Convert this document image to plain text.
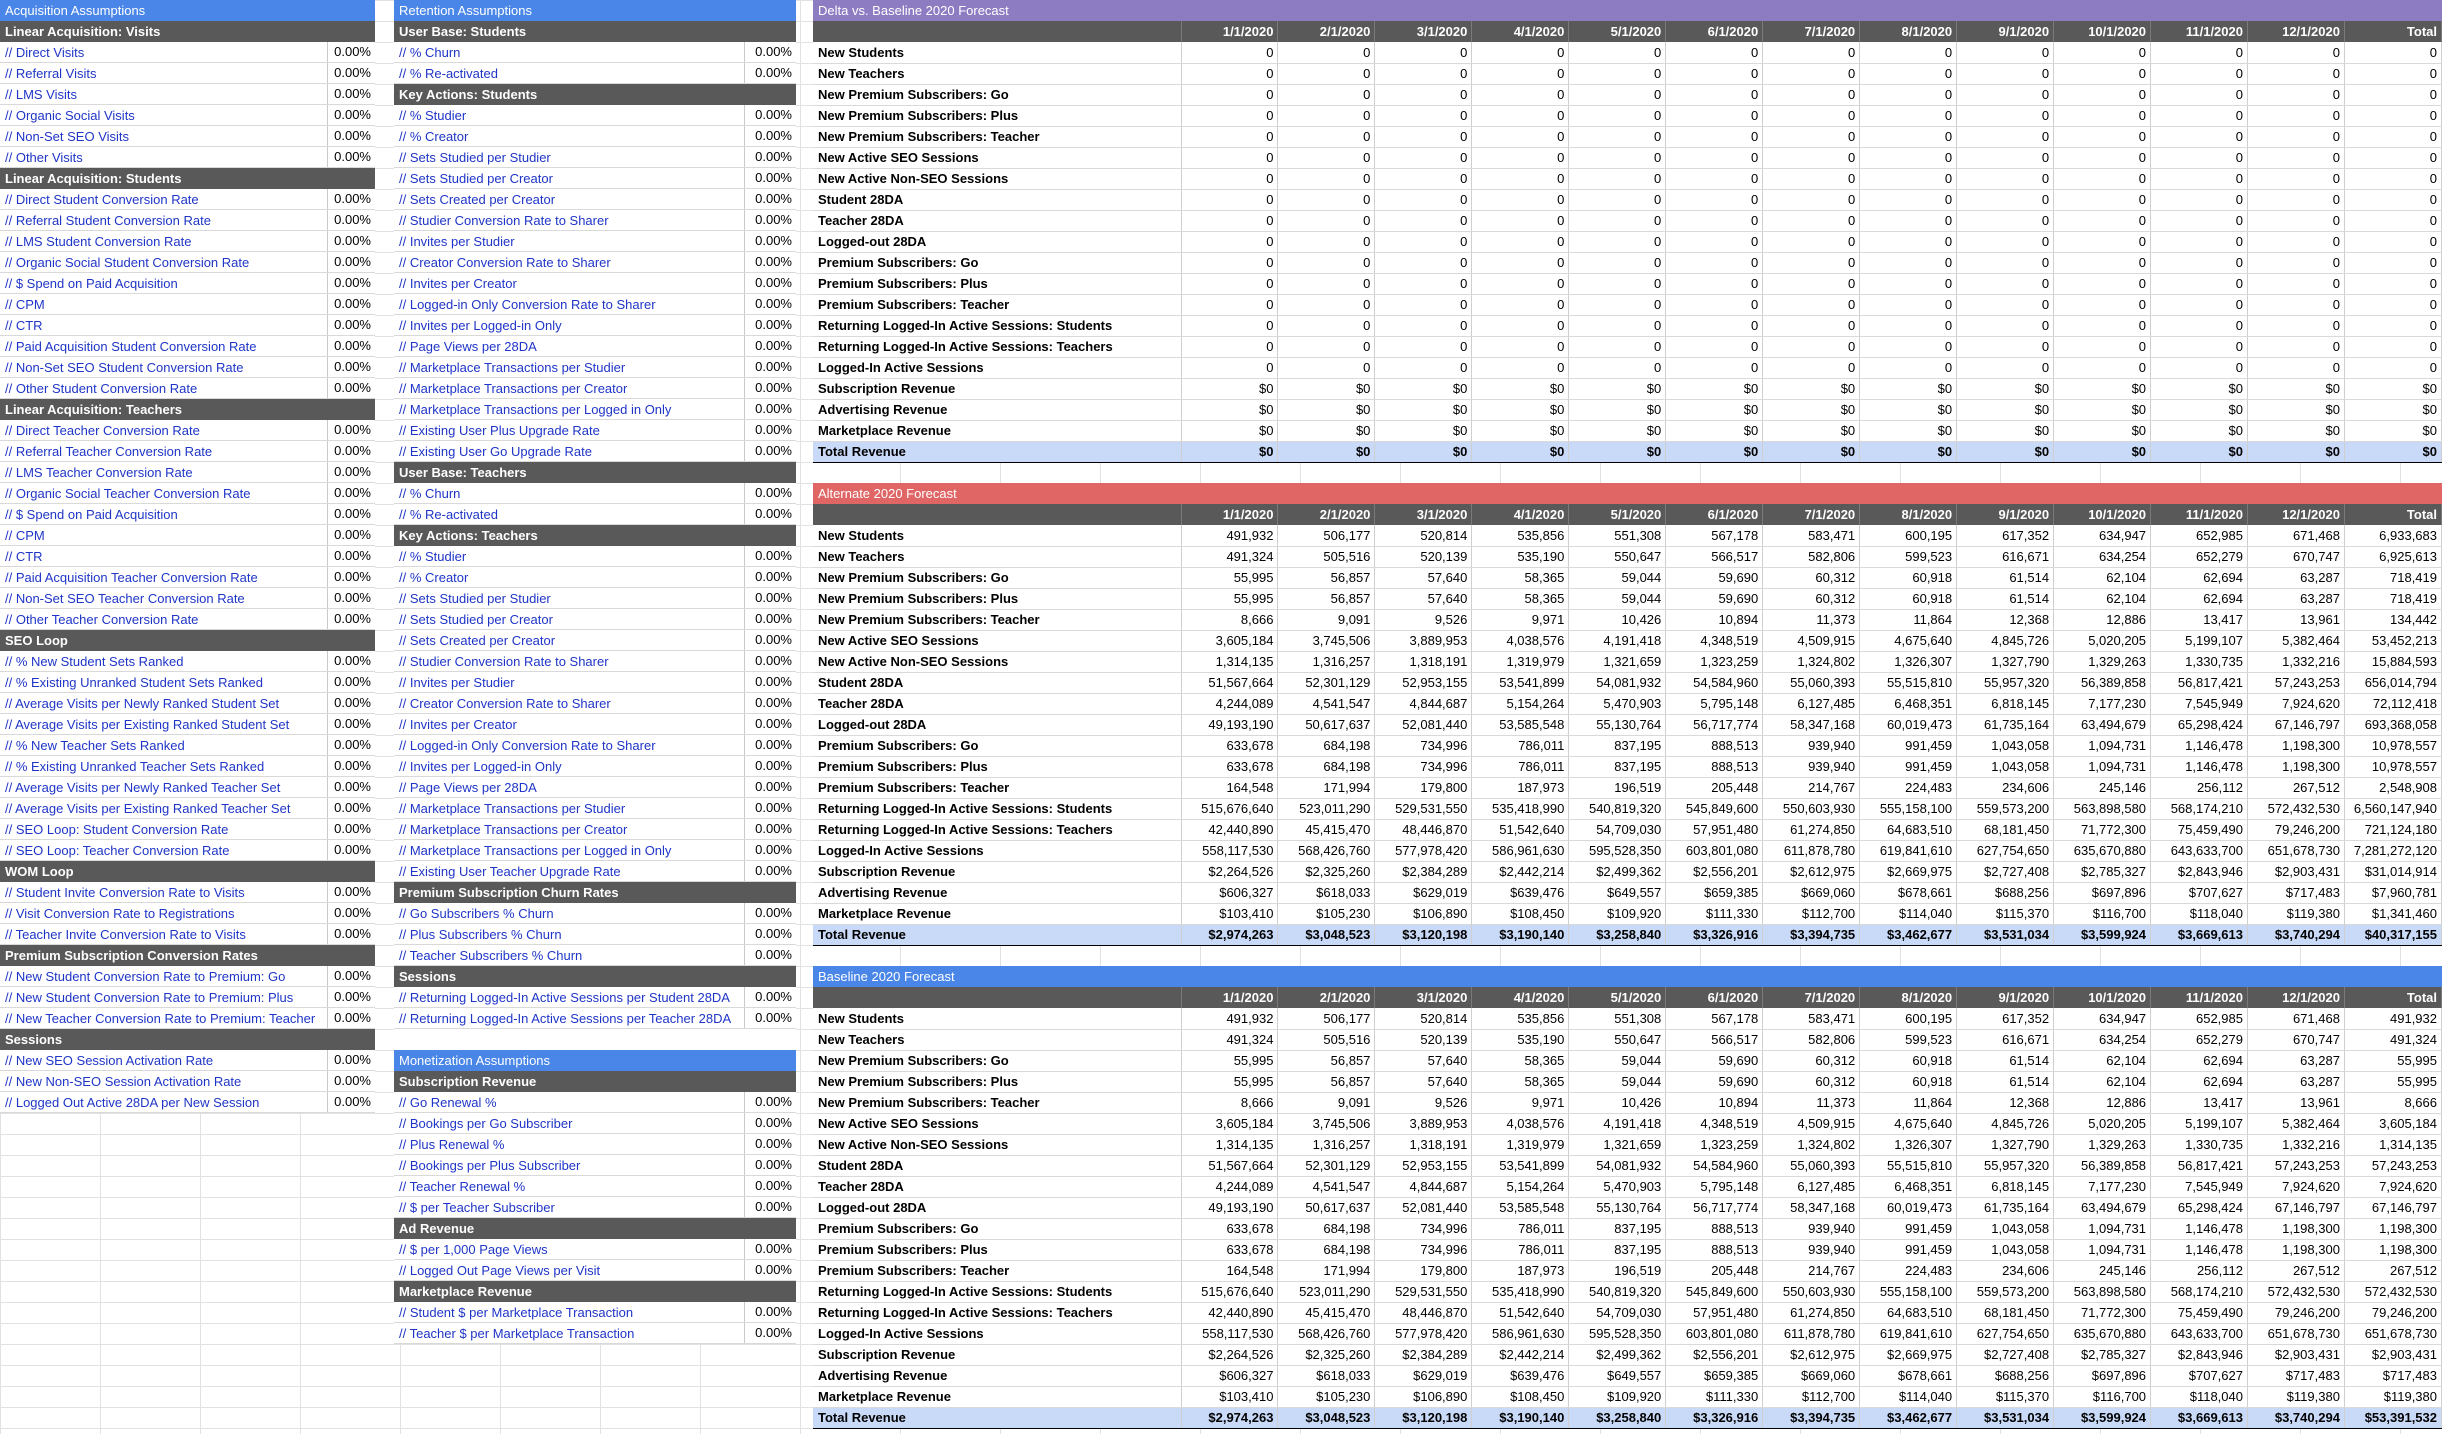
Acquisition Assumptions
Linear Acquisition: Visits
// Direct Visits	0.00%
// Referral Visits	0.00%
// LMS Visits	0.00%
// Organic Social Visits	0.00%
// Non-Set SEO Visits	0.00%
// Other Visits	0.00%
Linear Acquisition: Students
// Direct Student Conversion Rate	0.00%
// Referral Student Conversion Rate	0.00%
// LMS Student Conversion Rate	0.00%
// Organic Social Student Conversion Rate	0.00%
// $ Spend on Paid Acquisition	0.00%
// CPM	0.00%
// CTR	0.00%
// Paid Acquisition Student Conversion Rate	0.00%
// Non-Set SEO Student Conversion Rate	0.00%
// Other Student Conversion Rate	0.00%
Linear Acquisition: Teachers
// Direct Teacher Conversion Rate	0.00%
// Referral Teacher Conversion Rate	0.00%
// LMS Teacher Conversion Rate	0.00%
// Organic Social Teacher Conversion Rate	0.00%
// $ Spend on Paid Acquisition	0.00%
// CPM	0.00%
// CTR	0.00%
// Paid Acquisition Teacher Conversion Rate	0.00%
// Non-Set SEO Teacher Conversion Rate	0.00%
// Other Teacher Conversion Rate	0.00%
SEO Loop
// % New Student Sets Ranked	0.00%
// % Existing Unranked Student Sets Ranked	0.00%
// Average Visits per Newly Ranked Student Set	0.00%
// Average Visits per Existing Ranked Student Set	0.00%
// % New Teacher Sets Ranked	0.00%
// % Existing Unranked Teacher Sets Ranked	0.00%
// Average Visits per Newly Ranked Teacher Set	0.00%
// Average Visits per Existing Ranked Teacher Set	0.00%
// SEO Loop: Student Conversion Rate	0.00%
// SEO Loop: Teacher Conversion Rate	0.00%
WOM Loop
// Student Invite Conversion Rate to Visits	0.00%
// Visit Conversion Rate to Registrations	0.00%
// Teacher Invite Conversion Rate to Visits	0.00%
Premium Subscription Conversion Rates
// New Student Conversion Rate to Premium: Go	0.00%
// New Student Conversion Rate to Premium: Plus	0.00%
// New Teacher Conversion Rate to Premium: Teacher	0.00%
Sessions
// New SEO Session Activation Rate	0.00%
// New Non-SEO Session Activation Rate	0.00%
// Logged Out Active 28DA per New Session	0.00%
Retention Assumptions
User Base: Students
// % Churn	0.00%
// % Re-activated	0.00%
Key Actions: Students
// % Studier	0.00%
// % Creator	0.00%
// Sets Studied per Studier	0.00%
// Sets Studied per Creator	0.00%
// Sets Created per Creator	0.00%
// Studier Conversion Rate to Sharer	0.00%
// Invites per Studier	0.00%
// Creator Conversion Rate to Sharer	0.00%
// Invites per Creator	0.00%
// Logged-in Only Conversion Rate to Sharer	0.00%
// Invites per Logged-in Only	0.00%
// Page Views per 28DA	0.00%
// Marketplace Transactions per Studier	0.00%
// Marketplace Transactions per Creator	0.00%
// Marketplace Transactions per Logged in Only	0.00%
// Existing User Plus Upgrade Rate	0.00%
// Existing User Go Upgrade Rate	0.00%
User Base: Teachers
// % Churn	0.00%
// % Re-activated	0.00%
Key Actions: Teachers
// % Studier	0.00%
// % Creator	0.00%
// Sets Studied per Studier	0.00%
// Sets Studied per Creator	0.00%
// Sets Created per Creator	0.00%
// Studier Conversion Rate to Sharer	0.00%
// Invites per Studier	0.00%
// Creator Conversion Rate to Sharer	0.00%
// Invites per Creator	0.00%
// Logged-in Only Conversion Rate to Sharer	0.00%
// Invites per Logged-in Only	0.00%
// Page Views per 28DA	0.00%
// Marketplace Transactions per Studier	0.00%
// Marketplace Transactions per Creator	0.00%
// Marketplace Transactions per Logged in Only	0.00%
// Existing User Teacher Upgrade Rate	0.00%
Premium Subscription Churn Rates
// Go Subscribers % Churn	0.00%
// Plus Subscribers % Churn	0.00%
// Teacher Subscribers % Churn	0.00%
Sessions
// Returning Logged-In Active Sessions per Student 28DA	0.00%
// Returning Logged-In Active Sessions per Teacher 28DA	0.00%
Monetization Assumptions
Subscription Revenue
// Go Renewal %	0.00%
// Bookings per Go Subscriber	0.00%
// Plus Renewal %	0.00%
// Bookings per Plus Subscriber	0.00%
// Teacher Renewal %	0.00%
// $ per Teacher Subscriber	0.00%
Ad Revenue
// $ per 1,000 Page Views	0.00%
// Logged Out Page Views per Visit	0.00%
Marketplace Revenue
// Student $ per Marketplace Transaction	0.00%
// Teacher $ per Marketplace Transaction	0.00%
Delta vs. Baseline 2020 Forecast
	1/1/2020	2/1/2020	3/1/2020	4/1/2020	5/1/2020	6/1/2020	7/1/2020	8/1/2020	9/1/2020	10/1/2020	11/1/2020	12/1/2020	Total
New Students	0	0	0	0	0	0	0	0	0	0	0	0	0
New Teachers	0	0	0	0	0	0	0	0	0	0	0	0	0
New Premium Subscribers: Go	0	0	0	0	0	0	0	0	0	0	0	0	0
New Premium Subscribers: Plus	0	0	0	0	0	0	0	0	0	0	0	0	0
New Premium Subscribers: Teacher	0	0	0	0	0	0	0	0	0	0	0	0	0
New Active SEO Sessions	0	0	0	0	0	0	0	0	0	0	0	0	0
New Active Non-SEO Sessions	0	0	0	0	0	0	0	0	0	0	0	0	0
Student 28DA	0	0	0	0	0	0	0	0	0	0	0	0	0
Teacher 28DA	0	0	0	0	0	0	0	0	0	0	0	0	0
Logged-out 28DA	0	0	0	0	0	0	0	0	0	0	0	0	0
Premium Subscribers: Go	0	0	0	0	0	0	0	0	0	0	0	0	0
Premium Subscribers: Plus	0	0	0	0	0	0	0	0	0	0	0	0	0
Premium Subscribers: Teacher	0	0	0	0	0	0	0	0	0	0	0	0	0
Returning Logged-In Active Sessions: Students	0	0	0	0	0	0	0	0	0	0	0	0	0
Returning Logged-In Active Sessions: Teachers	0	0	0	0	0	0	0	0	0	0	0	0	0
Logged-In Active Sessions	0	0	0	0	0	0	0	0	0	0	0	0	0
Subscription Revenue	$0	$0	$0	$0	$0	$0	$0	$0	$0	$0	$0	$0	$0
Advertising Revenue	$0	$0	$0	$0	$0	$0	$0	$0	$0	$0	$0	$0	$0
Marketplace Revenue	$0	$0	$0	$0	$0	$0	$0	$0	$0	$0	$0	$0	$0
Total Revenue	$0	$0	$0	$0	$0	$0	$0	$0	$0	$0	$0	$0	$0
Alternate 2020 Forecast
	1/1/2020	2/1/2020	3/1/2020	4/1/2020	5/1/2020	6/1/2020	7/1/2020	8/1/2020	9/1/2020	10/1/2020	11/1/2020	12/1/2020	Total
New Students	491,932	506,177	520,814	535,856	551,308	567,178	583,471	600,195	617,352	634,947	652,985	671,468	6,933,683
New Teachers	491,324	505,516	520,139	535,190	550,647	566,517	582,806	599,523	616,671	634,254	652,279	670,747	6,925,613
New Premium Subscribers: Go	55,995	56,857	57,640	58,365	59,044	59,690	60,312	60,918	61,514	62,104	62,694	63,287	718,419
New Premium Subscribers: Plus	55,995	56,857	57,640	58,365	59,044	59,690	60,312	60,918	61,514	62,104	62,694	63,287	718,419
New Premium Subscribers: Teacher	8,666	9,091	9,526	9,971	10,426	10,894	11,373	11,864	12,368	12,886	13,417	13,961	134,442
New Active SEO Sessions	3,605,184	3,745,506	3,889,953	4,038,576	4,191,418	4,348,519	4,509,915	4,675,640	4,845,726	5,020,205	5,199,107	5,382,464	53,452,213
New Active Non-SEO Sessions	1,314,135	1,316,257	1,318,191	1,319,979	1,321,659	1,323,259	1,324,802	1,326,307	1,327,790	1,329,263	1,330,735	1,332,216	15,884,593
Student 28DA	51,567,664	52,301,129	52,953,155	53,541,899	54,081,932	54,584,960	55,060,393	55,515,810	55,957,320	56,389,858	56,817,421	57,243,253	656,014,794
Teacher 28DA	4,244,089	4,541,547	4,844,687	5,154,264	5,470,903	5,795,148	6,127,485	6,468,351	6,818,145	7,177,230	7,545,949	7,924,620	72,112,418
Logged-out 28DA	49,193,190	50,617,637	52,081,440	53,585,548	55,130,764	56,717,774	58,347,168	60,019,473	61,735,164	63,494,679	65,298,424	67,146,797	693,368,058
Premium Subscribers: Go	633,678	684,198	734,996	786,011	837,195	888,513	939,940	991,459	1,043,058	1,094,731	1,146,478	1,198,300	10,978,557
Premium Subscribers: Plus	633,678	684,198	734,996	786,011	837,195	888,513	939,940	991,459	1,043,058	1,094,731	1,146,478	1,198,300	10,978,557
Premium Subscribers: Teacher	164,548	171,994	179,800	187,973	196,519	205,448	214,767	224,483	234,606	245,146	256,112	267,512	2,548,908
Returning Logged-In Active Sessions: Students	515,676,640	523,011,290	529,531,550	535,418,990	540,819,320	545,849,600	550,603,930	555,158,100	559,573,200	563,898,580	568,174,210	572,432,530	6,560,147,940
Returning Logged-In Active Sessions: Teachers	42,440,890	45,415,470	48,446,870	51,542,640	54,709,030	57,951,480	61,274,850	64,683,510	68,181,450	71,772,300	75,459,490	79,246,200	721,124,180
Logged-In Active Sessions	558,117,530	568,426,760	577,978,420	586,961,630	595,528,350	603,801,080	611,878,780	619,841,610	627,754,650	635,670,880	643,633,700	651,678,730	7,281,272,120
Subscription Revenue	$2,264,526	$2,325,260	$2,384,289	$2,442,214	$2,499,362	$2,556,201	$2,612,975	$2,669,975	$2,727,408	$2,785,327	$2,843,946	$2,903,431	$31,014,914
Advertising Revenue	$606,327	$618,033	$629,019	$639,476	$649,557	$659,385	$669,060	$678,661	$688,256	$697,896	$707,627	$717,483	$7,960,781
Marketplace Revenue	$103,410	$105,230	$106,890	$108,450	$109,920	$111,330	$112,700	$114,040	$115,370	$116,700	$118,040	$119,380	$1,341,460
Total Revenue	$2,974,263	$3,048,523	$3,120,198	$3,190,140	$3,258,840	$3,326,916	$3,394,735	$3,462,677	$3,531,034	$3,599,924	$3,669,613	$3,740,294	$40,317,155
Baseline 2020 Forecast
	1/1/2020	2/1/2020	3/1/2020	4/1/2020	5/1/2020	6/1/2020	7/1/2020	8/1/2020	9/1/2020	10/1/2020	11/1/2020	12/1/2020	Total
New Students	491,932	506,177	520,814	535,856	551,308	567,178	583,471	600,195	617,352	634,947	652,985	671,468	491,932
New Teachers	491,324	505,516	520,139	535,190	550,647	566,517	582,806	599,523	616,671	634,254	652,279	670,747	491,324
New Premium Subscribers: Go	55,995	56,857	57,640	58,365	59,044	59,690	60,312	60,918	61,514	62,104	62,694	63,287	55,995
New Premium Subscribers: Plus	55,995	56,857	57,640	58,365	59,044	59,690	60,312	60,918	61,514	62,104	62,694	63,287	55,995
New Premium Subscribers: Teacher	8,666	9,091	9,526	9,971	10,426	10,894	11,373	11,864	12,368	12,886	13,417	13,961	8,666
New Active SEO Sessions	3,605,184	3,745,506	3,889,953	4,038,576	4,191,418	4,348,519	4,509,915	4,675,640	4,845,726	5,020,205	5,199,107	5,382,464	3,605,184
New Active Non-SEO Sessions	1,314,135	1,316,257	1,318,191	1,319,979	1,321,659	1,323,259	1,324,802	1,326,307	1,327,790	1,329,263	1,330,735	1,332,216	1,314,135
Student 28DA	51,567,664	52,301,129	52,953,155	53,541,899	54,081,932	54,584,960	55,060,393	55,515,810	55,957,320	56,389,858	56,817,421	57,243,253	57,243,253
Teacher 28DA	4,244,089	4,541,547	4,844,687	5,154,264	5,470,903	5,795,148	6,127,485	6,468,351	6,818,145	7,177,230	7,545,949	7,924,620	7,924,620
Logged-out 28DA	49,193,190	50,617,637	52,081,440	53,585,548	55,130,764	56,717,774	58,347,168	60,019,473	61,735,164	63,494,679	65,298,424	67,146,797	67,146,797
Premium Subscribers: Go	633,678	684,198	734,996	786,011	837,195	888,513	939,940	991,459	1,043,058	1,094,731	1,146,478	1,198,300	1,198,300
Premium Subscribers: Plus	633,678	684,198	734,996	786,011	837,195	888,513	939,940	991,459	1,043,058	1,094,731	1,146,478	1,198,300	1,198,300
Premium Subscribers: Teacher	164,548	171,994	179,800	187,973	196,519	205,448	214,767	224,483	234,606	245,146	256,112	267,512	267,512
Returning Logged-In Active Sessions: Students	515,676,640	523,011,290	529,531,550	535,418,990	540,819,320	545,849,600	550,603,930	555,158,100	559,573,200	563,898,580	568,174,210	572,432,530	572,432,530
Returning Logged-In Active Sessions: Teachers	42,440,890	45,415,470	48,446,870	51,542,640	54,709,030	57,951,480	61,274,850	64,683,510	68,181,450	71,772,300	75,459,490	79,246,200	79,246,200
Logged-In Active Sessions	558,117,530	568,426,760	577,978,420	586,961,630	595,528,350	603,801,080	611,878,780	619,841,610	627,754,650	635,670,880	643,633,700	651,678,730	651,678,730
Subscription Revenue	$2,264,526	$2,325,260	$2,384,289	$2,442,214	$2,499,362	$2,556,201	$2,612,975	$2,669,975	$2,727,408	$2,785,327	$2,843,946	$2,903,431	$2,903,431
Advertising Revenue	$606,327	$618,033	$629,019	$639,476	$649,557	$659,385	$669,060	$678,661	$688,256	$697,896	$707,627	$717,483	$717,483
Marketplace Revenue	$103,410	$105,230	$106,890	$108,450	$109,920	$111,330	$112,700	$114,040	$115,370	$116,700	$118,040	$119,380	$119,380
Total Revenue	$2,974,263	$3,048,523	$3,120,198	$3,190,140	$3,258,840	$3,326,916	$3,394,735	$3,462,677	$3,531,034	$3,599,924	$3,669,613	$3,740,294	$53,391,532
